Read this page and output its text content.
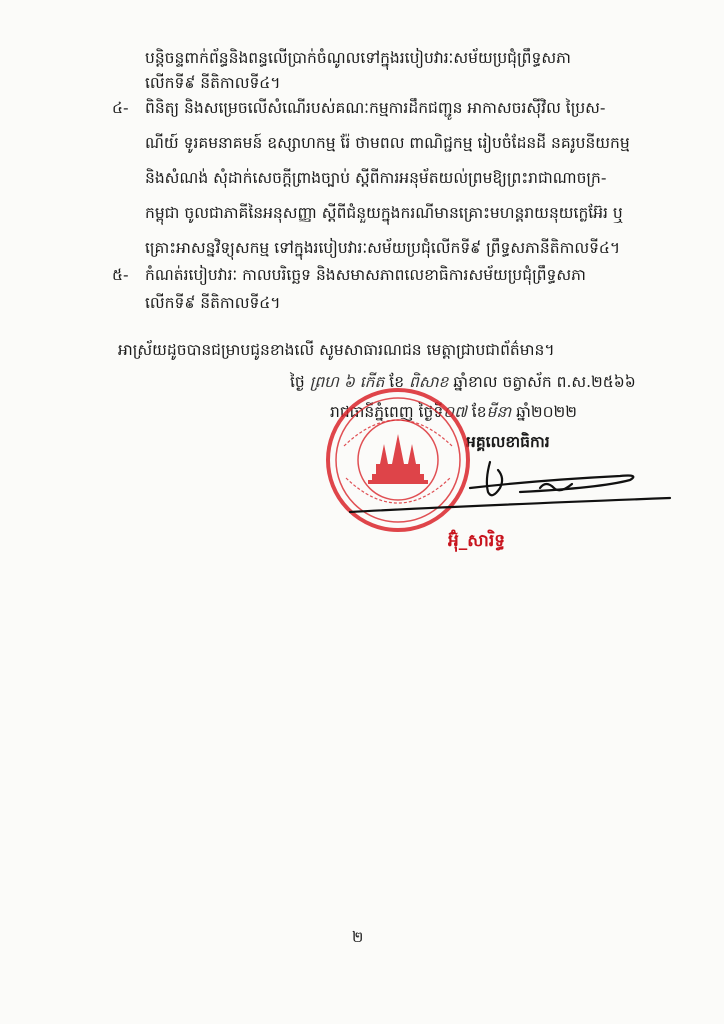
បន្តិចន្ទពាក់ព័ន្ធនិងពន្ធលើប្រាក់ចំណូលទៅក្នុងរបៀបវារៈសម័យប្រជុំព្រឹទ្ធសភា
លើកទី៩ នីតិកាលទី៤។
៤- ពិនិត្យ និងសម្រេចលើសំណើរបស់គណៈកម្មការដឹកជញ្ជូន អាកាសចរស៊ីវិល ប្រៃស-
ណីយ៍ ទូរគមនាគមន៍ ឧស្សាហកម្ម រ៉ែ ថាមពល ពាណិជ្ជកម្ម រៀបចំដែនដី នគរូបនីយកម្ម
និងសំណង់ សុំដាក់សេចក្តីព្រាងច្បាប់ ស្តីពីការអនុម័តយល់ព្រមឱ្យព្រះរាជាណាចក្រ-
កម្ពុជា ចូលជាភាគីនៃអនុសញ្ញា ស្តីពីជំនួយក្នុងករណីមានគ្រោះមហន្តរាយនុយក្លេអ៊ែរ ឬ
គ្រោះអាសន្នវិទ្យុសកម្ម ទៅក្នុងរបៀបវារៈសម័យប្រជុំលើកទី៩ ព្រឹទ្ធសភានីតិកាលទី៤។
៥- កំណត់របៀបវារៈ កាលបរិច្ឆេទ និងសមាសភាពលេខាធិការសម័យប្រជុំព្រឹទ្ធសភា
លើកទី៩ នីតិកាលទី៤។
អាស្រ័យដូចបានជម្រាបជូនខាងលើ សូមសាធារណជន មេត្តាជ្រាបជាព័ត៌មាន។
ថ្ងៃ ព្រហ ៦ កើត ខែ ពិសាខ ឆ្នាំខាល ចត្វាស័ក ព.ស.២៥៦៦
រាជធានីភ្នំពេញ ថ្ងៃទី០៧ ខែមីនា ឆ្នាំ២០២២
អគ្គលេខាធិការ
អ៊ុំ_សារិទ្ធ
២
